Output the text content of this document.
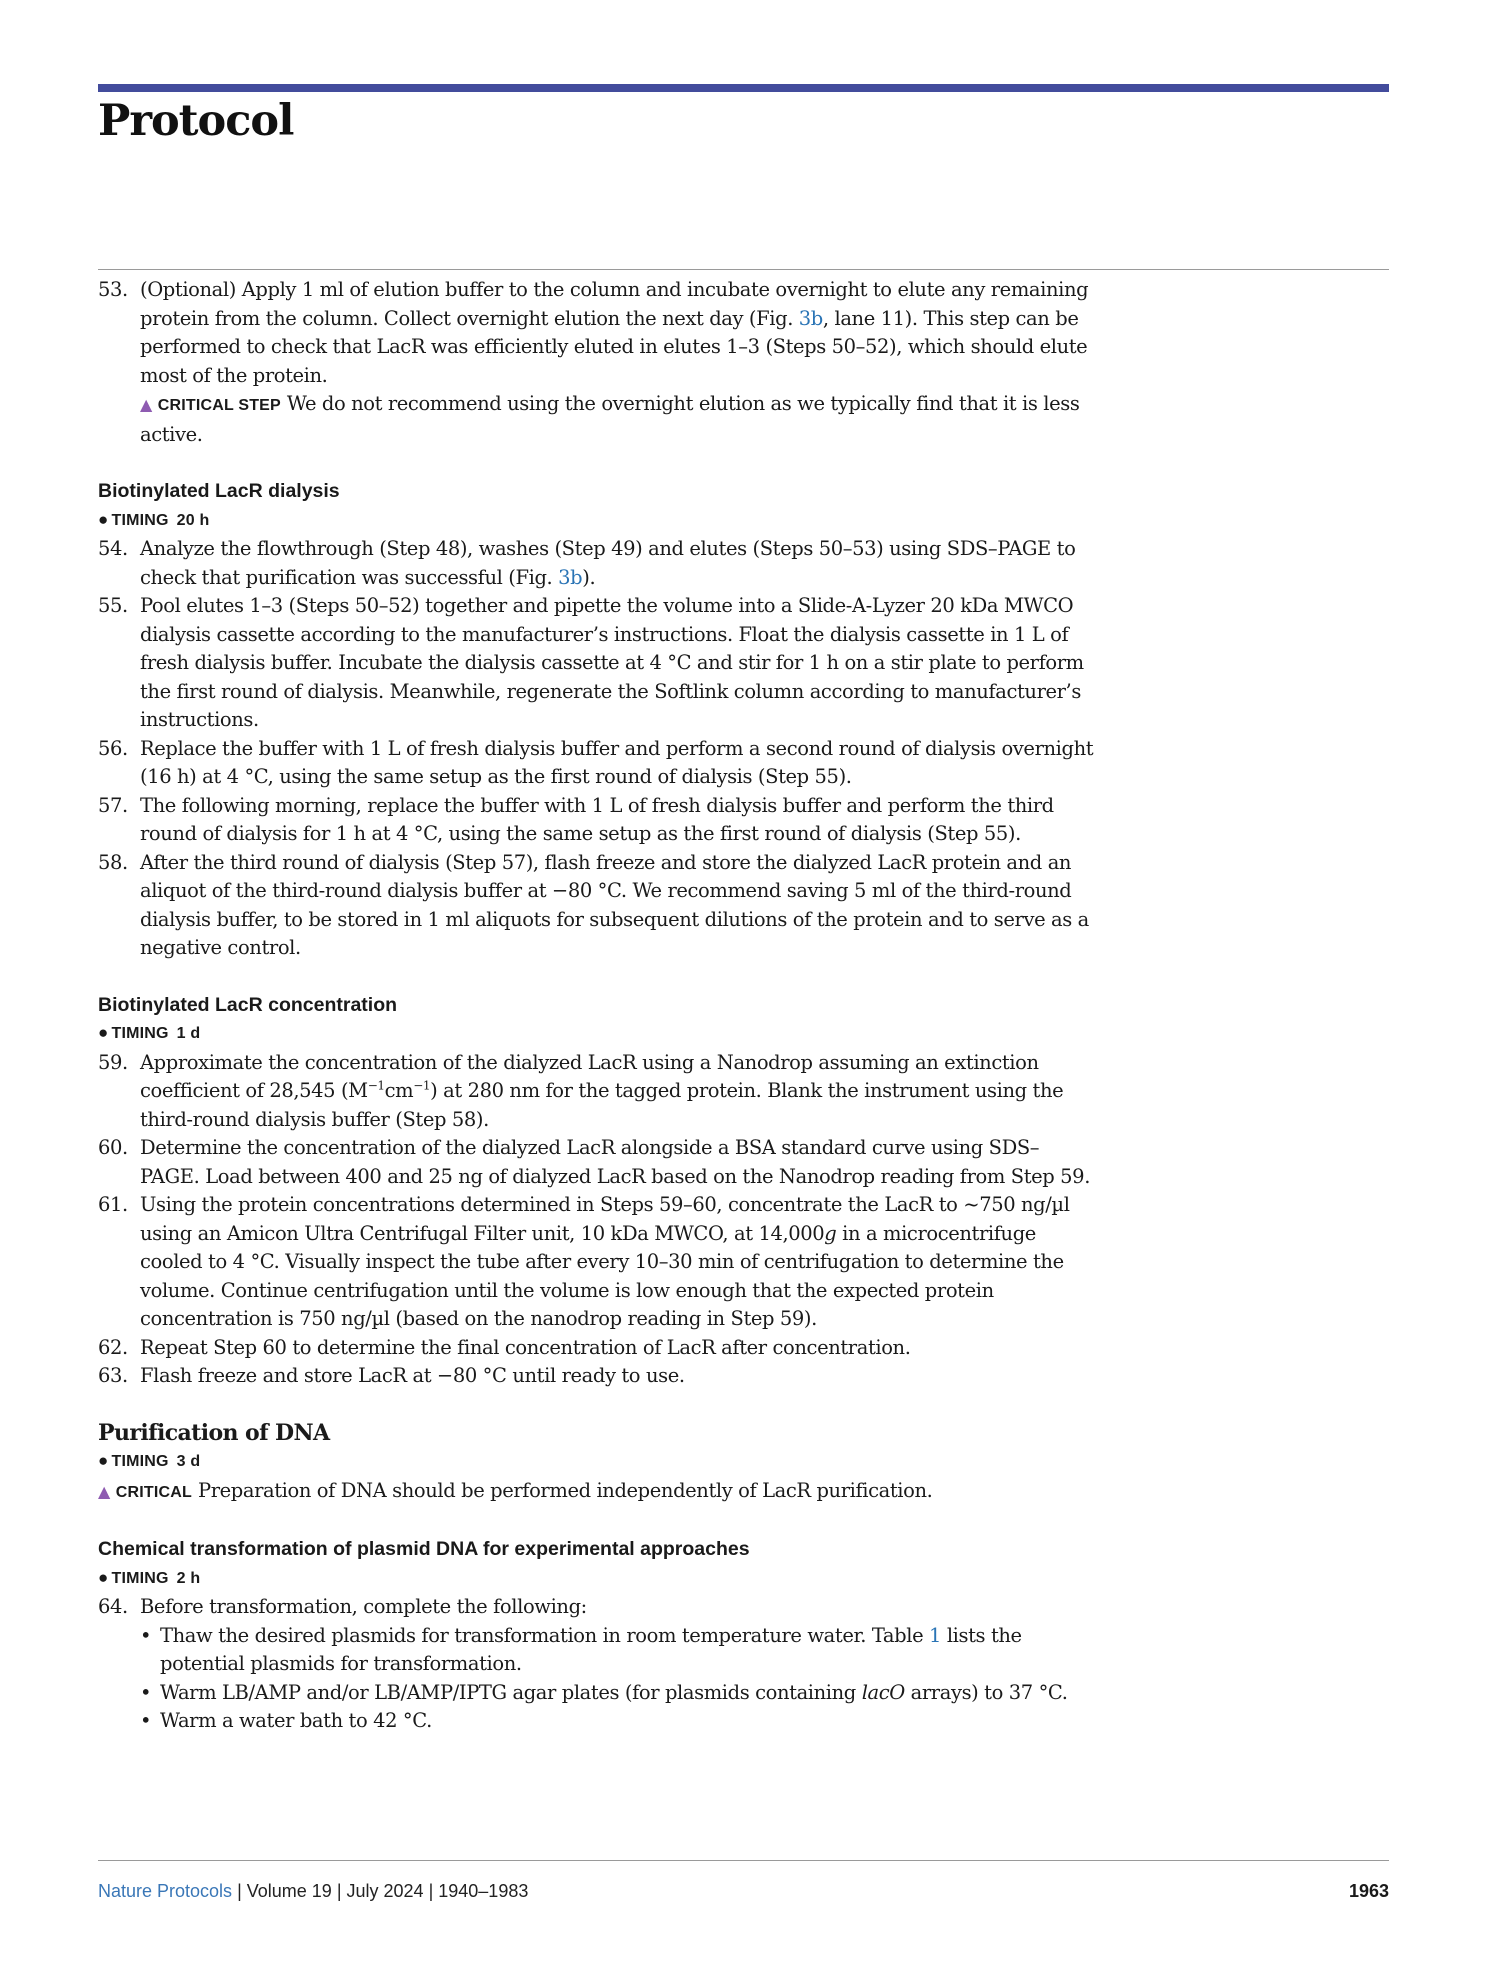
Protocol
53. (Optional) Apply 1 ml of elution buffer to the column and incubate overnight to elute any remaining protein from the column. Collect overnight elution the next day (Fig. 3b, lane 11). This step can be performed to check that LacR was efficiently eluted in elutes 1–3 (Steps 50–52), which should elute most of the protein.

▲ CRITICAL STEP We do not recommend using the overnight elution as we typically find that it is less active.

Biotinylated LacR dialysis
● TIMING 20 h
54. Analyze the flowthrough (Step 48), washes (Step 49) and elutes (Steps 50–53) using SDS–PAGE to check that purification was successful (Fig. 3b).
55. Pool elutes 1–3 (Steps 50–52) together and pipette the volume into a Slide-A-Lyzer 20 kDa MWCO dialysis cassette according to the manufacturer’s instructions. Float the dialysis cassette in 1 L of fresh dialysis buffer. Incubate the dialysis cassette at 4 °C and stir for 1 h on a stir plate to perform the first round of dialysis. Meanwhile, regenerate the Softlink column according to manufacturer’s instructions.
56. Replace the buffer with 1 L of fresh dialysis buffer and perform a second round of dialysis overnight (16 h) at 4 °C, using the same setup as the first round of dialysis (Step 55).
57. The following morning, replace the buffer with 1 L of fresh dialysis buffer and perform the third round of dialysis for 1 h at 4 °C, using the same setup as the first round of dialysis (Step 55).
58. After the third round of dialysis (Step 57), flash freeze and store the dialyzed LacR protein and an aliquot of the third-round dialysis buffer at −80 °C. We recommend saving 5 ml of the third-round dialysis buffer, to be stored in 1 ml aliquots for subsequent dilutions of the protein and to serve as a negative control.
Biotinylated LacR concentration
● TIMING 1 d
59. Approximate the concentration of the dialyzed LacR using a Nanodrop assuming an extinction coefficient of 28,545 $(M^{-1}cm^{-1})$ at 280 nm for the tagged protein. Blank the instrument using the third-round dialysis buffer (Step 58).
60. Determine the concentration of the dialyzed LacR alongside a BSA standard curve using SDS–PAGE. Load between 400 and 25 ng of dialyzed LacR based on the Nanodrop reading from Step 59.
61. Using the protein concentrations determined in Steps 59–60, concentrate the LacR to ~750 ng/µl using an Amicon Ultra Centrifugal Filter unit, 10 kDa MWCO, at 14,000g in a microcentrifuge cooled to 4 °C. Visually inspect the tube after every 10–30 min of centrifugation to determine the volume. Continue centrifugation until the volume is low enough that the expected protein concentration is 750 ng/µl (based on the nanodrop reading in Step 59).
62. Repeat Step 60 to determine the final concentration of LacR after concentration.
63. Flash freeze and store LacR at −80 °C until ready to use.
Purification of DNA
● TIMING 3 d

▲ CRITICAL Preparation of DNA should be performed independently of LacR purification.

Chemical transformation of plasmid DNA for experimental approaches
● TIMING 2 h
64. Before transformation, complete the following:
• Thaw the desired plasmids for transformation in room temperature water. Table 1 lists the potential plasmids for transformation.
• Warm LB/AMP and/or LB/AMP/IPTG agar plates (for plasmids containing lacO arrays) to 37 °C.
• Warm a water bath to 42 °C.
Nature Protocols | Volume 19 | July 2024 | 1940–1983	1963
